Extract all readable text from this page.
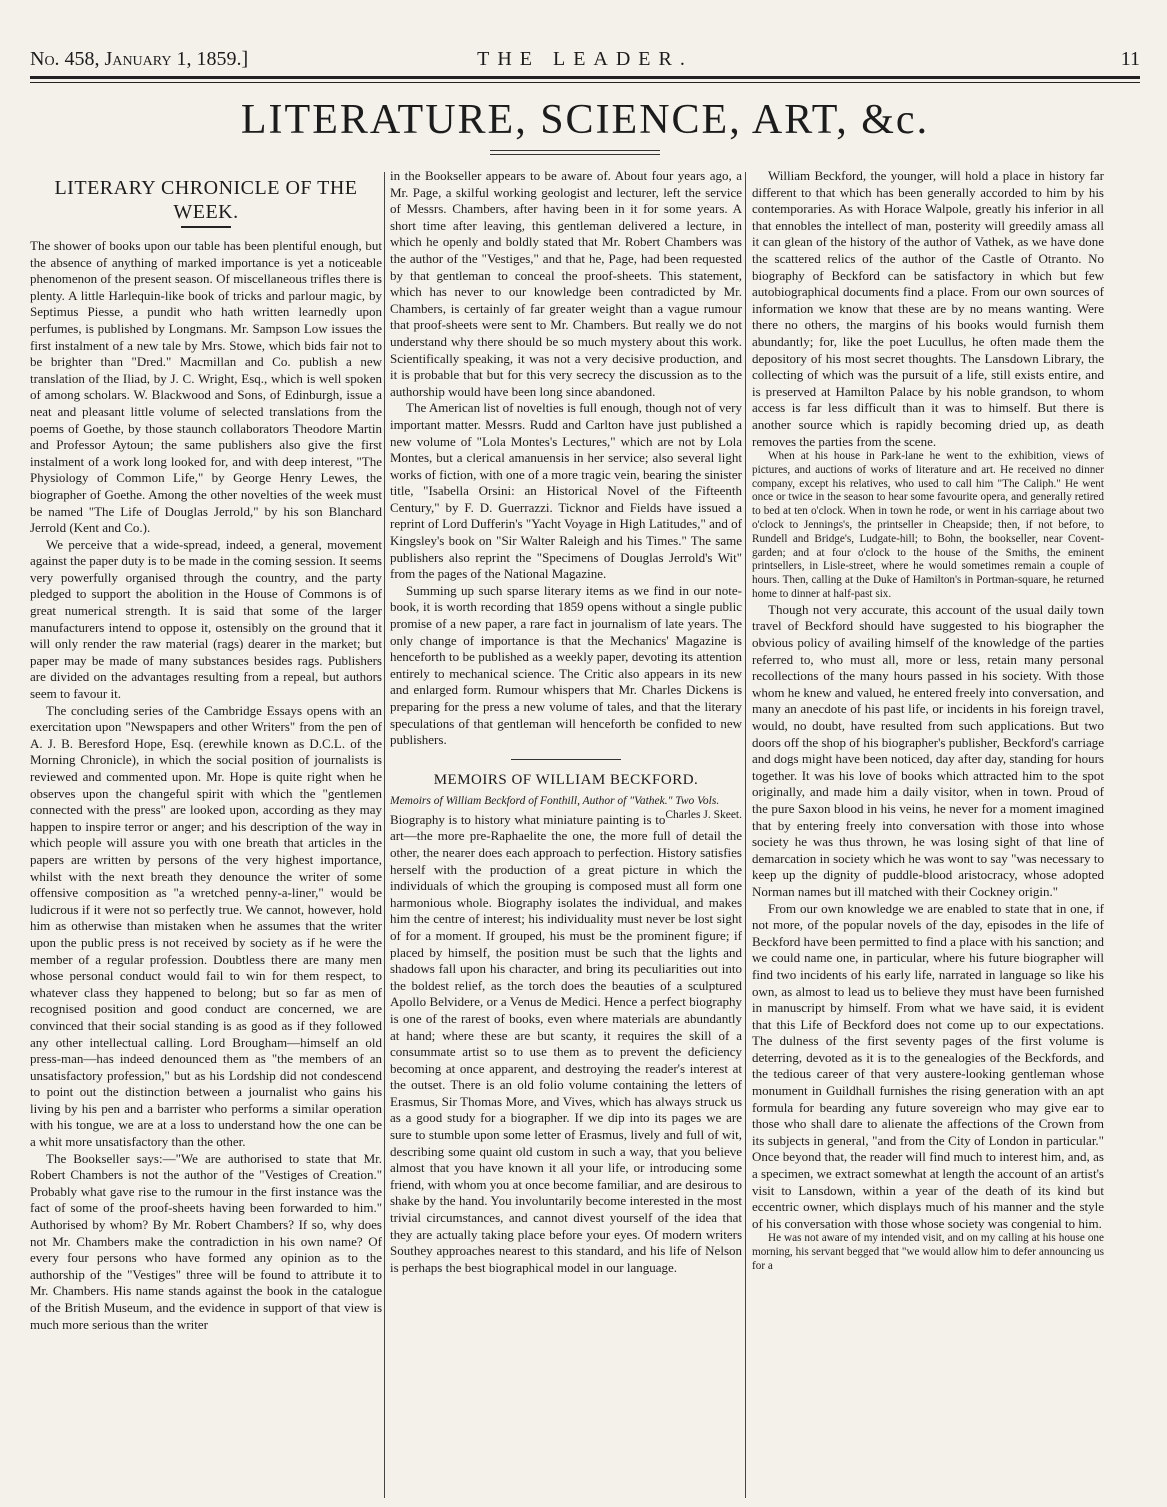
No. 458, January 1, 1859.]	THE LEADER.	11
LITERATURE, SCIENCE, ART, &c.
LITERARY CHRONICLE OF THE WEEK.

The shower of books upon our table has been plentiful enough, but the absence of anything of marked importance is yet a noticeable phenomenon of the present season. Of miscellaneous trifles there is plenty. A little Harlequin-like book of tricks and parlour magic, by Septimus Piesse, a pundit who hath written learnedly upon perfumes, is published by Longmans. Mr. Sampson Low issues the first instalment of a new tale by Mrs. Stowe, which bids fair not to be brighter than "Dred." Macmillan and Co. publish a new translation of the Iliad, by J. C. Wright, Esq., which is well spoken of among scholars. W. Blackwood and Sons, of Edinburgh, issue a neat and pleasant little volume of selected translations from the poems of Goethe, by those staunch collaborators Theodore Martin and Professor Aytoun; the same publishers also give the first instalment of a work long looked for, and with deep interest, "The Physiology of Common Life," by George Henry Lewes, the biographer of Goethe. Among the other novelties of the week must be named "The Life of Douglas Jerrold," by his son Blanchard Jerrold (Kent and Co.).

We perceive that a wide-spread, indeed, a general, movement against the paper duty is to be made in the coming session. It seems very powerfully organised through the country, and the party pledged to support the abolition in the House of Commons is of great numerical strength. It is said that some of the larger manufacturers intend to oppose it, ostensibly on the ground that it will only render the raw material (rags) dearer in the market; but paper may be made of many substances besides rags. Publishers are divided on the advantages resulting from a repeal, but authors seem to favour it.

The concluding series of the Cambridge Essays opens with an exercitation upon "Newspapers and other Writers" from the pen of A. J. B. Beresford Hope, Esq. (erewhile known as D.C.L. of the Morning Chronicle), in which the social position of journalists is reviewed and commented upon. Mr. Hope is quite right when he observes upon the changeful spirit with which the "gentlemen connected with the press" are looked upon, according as they may happen to inspire terror or anger; and his description of the way in which people will assure you with one breath that articles in the papers are written by persons of the very highest importance, whilst with the next breath they denounce the writer of some offensive composition as "a wretched penny-a-liner," would be ludicrous if it were not so perfectly true. We cannot, however, hold him as otherwise than mistaken when he assumes that the writer upon the public press is not received by society as if he were the member of a regular profession. Doubtless there are many men whose personal conduct would fail to win for them respect, to whatever class they happened to belong; but so far as men of recognised position and good conduct are concerned, we are convinced that their social standing is as good as if they followed any other intellectual calling. Lord Brougham—himself an old press-man—has indeed denounced them as "the members of an unsatisfactory profession," but as his Lordship did not condescend to point out the distinction between a journalist who gains his living by his pen and a barrister who performs a similar operation with his tongue, we are at a loss to understand how the one can be a whit more unsatisfactory than the other.

The Bookseller says:—"We are authorised to state that Mr. Robert Chambers is not the author of the "Vestiges of Creation." Probably what gave rise to the rumour in the first instance was the fact of some of the proof-sheets having been forwarded to him." Authorised by whom? By Mr. Robert Chambers? If so, why does not Mr. Chambers make the contradiction in his own name? Of every four persons who have formed any opinion as to the authorship of the "Vestiges" three will be found to attribute it to Mr. Chambers. His name stands against the book in the catalogue of the British Museum, and the evidence in support of that view is much more serious than the writer

in the Bookseller appears to be aware of. About four years ago, a Mr. Page, a skilful working geologist and lecturer, left the service of Messrs. Chambers, after having been in it for some years. A short time after leaving, this gentleman delivered a lecture, in which he openly and boldly stated that Mr. Robert Chambers was the author of the "Vestiges," and that he, Page, had been requested by that gentleman to conceal the proof-sheets. This statement, which has never to our knowledge been contradicted by Mr. Chambers, is certainly of far greater weight than a vague rumour that proof-sheets were sent to Mr. Chambers. But really we do not understand why there should be so much mystery about this work. Scientifically speaking, it was not a very decisive production, and it is probable that but for this very secrecy the discussion as to the authorship would have been long since abandoned.

The American list of novelties is full enough, though not of very important matter. Messrs. Rudd and Carlton have just published a new volume of "Lola Montes's Lectures," which are not by Lola Montes, but a clerical amanuensis in her service; also several light works of fiction, with one of a more tragic vein, bearing the sinister title, "Isabella Orsini: an Historical Novel of the Fifteenth Century," by F. D. Guerrazzi. Ticknor and Fields have issued a reprint of Lord Dufferin's "Yacht Voyage in High Latitudes," and of Kingsley's book on "Sir Walter Raleigh and his Times." The same publishers also reprint the "Specimens of Douglas Jerrold's Wit" from the pages of the National Magazine.

Summing up such sparse literary items as we find in our note-book, it is worth recording that 1859 opens without a single public promise of a new paper, a rare fact in journalism of late years. The only change of importance is that the Mechanics' Magazine is henceforth to be published as a weekly paper, devoting its attention entirely to mechanical science. The Critic also appears in its new and enlarged form. Rumour whispers that Mr. Charles Dickens is preparing for the press a new volume of tales, and that the literary speculations of that gentleman will henceforth be confided to new publishers.

MEMOIRS OF WILLIAM BECKFORD.
Memoirs of William Beckford of Fonthill, Author of "Vathek." Two Vols.
Charles J. Skeet.

Biography is to history what miniature painting is to art—the more pre-Raphaelite the one, the more full of detail the other, the nearer does each approach to perfection. History satisfies herself with the production of a great picture in which the individuals of which the grouping is composed must all form one harmonious whole. Biography isolates the individual, and makes him the centre of interest; his individuality must never be lost sight of for a moment. If grouped, his must be the prominent figure; if placed by himself, the position must be such that the lights and shadows fall upon his character, and bring its peculiarities out into the boldest relief, as the torch does the beauties of a sculptured Apollo Belvidere, or a Venus de Medici. Hence a perfect biography is one of the rarest of books, even where materials are abundantly at hand; where these are but scanty, it requires the skill of a consummate artist so to use them as to prevent the deficiency becoming at once apparent, and destroying the reader's interest at the outset. There is an old folio volume containing the letters of Erasmus, Sir Thomas More, and Vives, which has always struck us as a good study for a biographer. If we dip into its pages we are sure to stumble upon some letter of Erasmus, lively and full of wit, describing some quaint old custom in such a way, that you believe almost that you have known it all your life, or introducing some friend, with whom you at once become familiar, and are desirous to shake by the hand. You involuntarily become interested in the most trivial circumstances, and cannot divest yourself of the idea that they are actually taking place before your eyes. Of modern writers Southey approaches nearest to this standard, and his life of Nelson is perhaps the best biographical model in our language.

William Beckford, the younger, will hold a place in history far different to that which has been generally accorded to him by his contemporaries. As with Horace Walpole, greatly his inferior in all that ennobles the intellect of man, posterity will greedily amass all it can glean of the history of the author of Vathek, as we have done the scattered relics of the author of the Castle of Otranto. No biography of Beckford can be satisfactory in which but few autobiographical documents find a place. From our own sources of information we know that these are by no means wanting. Were there no others, the margins of his books would furnish them abundantly; for, like the poet Lucullus, he often made them the depository of his most secret thoughts. The Lansdown Library, the collecting of which was the pursuit of a life, still exists entire, and is preserved at Hamilton Palace by his noble grandson, to whom access is far less difficult than it was to himself. But there is another source which is rapidly becoming dried up, as death removes the parties from the scene.

When at his house in Park-lane he went to the exhibition, views of pictures, and auctions of works of literature and art. He received no dinner company, except his relatives, who used to call him "The Caliph." He went once or twice in the season to hear some favourite opera, and generally retired to bed at ten o'clock. When in town he rode, or went in his carriage about two o'clock to Jennings's, the printseller in Cheapside; then, if not before, to Rundell and Bridge's, Ludgate-hill; to Bohn, the bookseller, near Covent-garden; and at four o'clock to the house of the Smiths, the eminent printsellers, in Lisle-street, where he would sometimes remain a couple of hours. Then, calling at the Duke of Hamilton's in Portman-square, he returned home to dinner at half-past six.

Though not very accurate, this account of the usual daily town travel of Beckford should have suggested to his biographer the obvious policy of availing himself of the knowledge of the parties referred to, who must all, more or less, retain many personal recollections of the many hours passed in his society. With those whom he knew and valued, he entered freely into conversation, and many an anecdote of his past life, or incidents in his foreign travel, would, no doubt, have resulted from such applications. But two doors off the shop of his biographer's publisher, Beckford's carriage and dogs might have been noticed, day after day, standing for hours together. It was his love of books which attracted him to the spot originally, and made him a daily visitor, when in town. Proud of the pure Saxon blood in his veins, he never for a moment imagined that by entering freely into conversation with those into whose society he was thus thrown, he was losing sight of that line of demarcation in society which he was wont to say "was necessary to keep up the dignity of puddle-blood aristocracy, whose adopted Norman names but ill matched with their Cockney origin."

From our own knowledge we are enabled to state that in one, if not more, of the popular novels of the day, episodes in the life of Beckford have been permitted to find a place with his sanction; and we could name one, in particular, where his future biographer will find two incidents of his early life, narrated in language so like his own, as almost to lead us to believe they must have been furnished in manuscript by himself. From what we have said, it is evident that this Life of Beckford does not come up to our expectations. The dulness of the first seventy pages of the first volume is deterring, devoted as it is to the genealogies of the Beckfords, and the tedious career of that very austere-looking gentleman whose monument in Guildhall furnishes the rising generation with an apt formula for bearding any future sovereign who may give ear to those who shall dare to alienate the affections of the Crown from its subjects in general, "and from the City of London in particular." Once beyond that, the reader will find much to interest him, and, as a specimen, we extract somewhat at length the account of an artist's visit to Lansdown, within a year of the death of its kind but eccentric owner, which displays much of his manner and the style of his conversation with those whose society was congenial to him.

He was not aware of my intended visit, and on my calling at his house one morning, his servant begged that "we would allow him to defer announcing us for a
